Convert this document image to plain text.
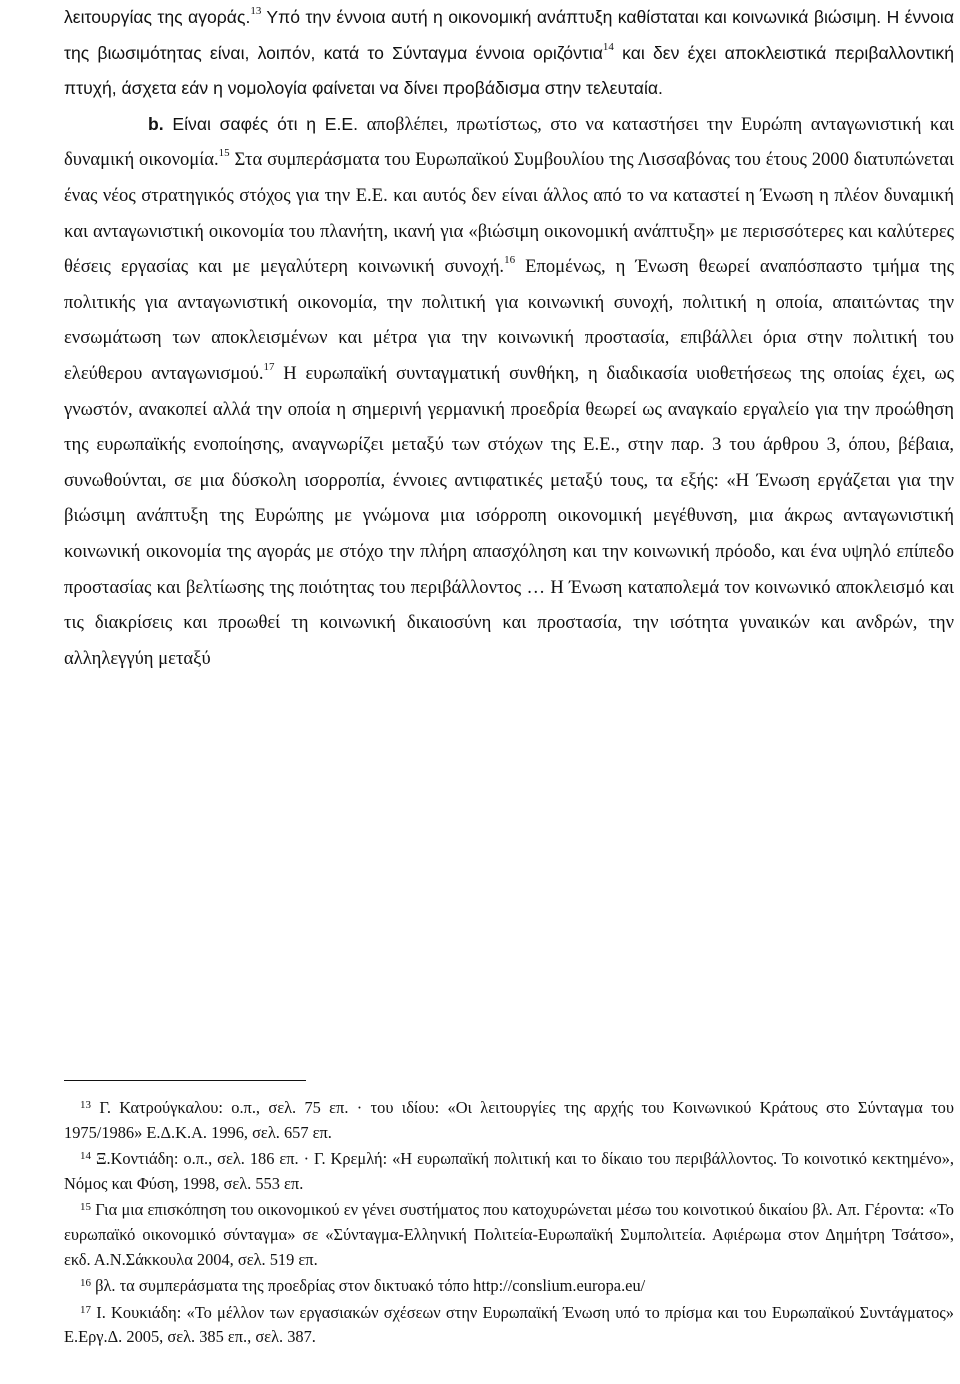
λειτουργίας της αγοράς.$^{13}$ Υπό την έννοια αυτή η οικονομική ανάπτυξη καθίσταται και κοινωνικά βιώσιμη. Η έννοια της βιωσιμότητας είναι, λοιπόν, κατά το Σύνταγμα έννοια οριζόντια$^{14}$ και δεν έχει αποκλειστικά περιβαλλοντική πτυχή, άσχετα εάν η νομολογία φαίνεται να δίνει προβάδισμα στην τελευταία.

b. Είναι σαφές ότι η Ε.Ε. αποβλέπει, πρωτίστως, στο να καταστήσει την Ευρώπη ανταγωνιστική και δυναμική οικονομία.$^{15}$ Στα συμπεράσματα του Ευρωπαϊκού Συμβουλίου της Λισσαβόνας του έτους 2000 διατυπώνεται ένας νέος στρατηγικός στόχος για την Ε.Ε. και αυτός δεν είναι άλλος από το να καταστεί η Ένωση η πλέον δυναμική και ανταγωνιστική οικονομία του πλανήτη, ικανή για «βιώσιμη οικονομική ανάπτυξη» με περισσότερες και καλύτερες θέσεις εργασίας και με μεγαλύτερη κοινωνική συνοχή.$^{16}$ Επομένως, η Ένωση θεωρεί αναπόσπαστο τμήμα της πολιτικής για ανταγωνιστική οικονομία, την πολιτική για κοινωνική συνοχή, πολιτική η οποία, απαιτώντας την ενσωμάτωση των αποκλεισμένων και μέτρα για την κοινωνική προστασία, επιβάλλει όρια στην πολιτική του ελεύθερου ανταγωνισμού.$^{17}$ Η ευρωπαϊκή συνταγματική συνθήκη, η διαδικασία υιοθετήσεως της οποίας έχει, ως γνωστόν, ανακοπεί αλλά την οποία η σημερινή γερμανική προεδρία θεωρεί ως αναγκαίο εργαλείο για την προώθηση της ευρωπαϊκής ενοποίησης, αναγνωρίζει μεταξύ των στόχων της Ε.Ε., στην παρ. 3 του άρθρου 3, όπου, βέβαια, συνωθούνται, σε μια δύσκολη ισορροπία, έννοιες αντιφατικές μεταξύ τους, τα εξής: «Η Ένωση εργάζεται για την βιώσιμη ανάπτυξη της Ευρώπης με γνώμονα μια ισόρροπη οικονομική μεγέθυνση, μια άκρως ανταγωνιστική κοινωνική οικονομία της αγοράς με στόχο την πλήρη απασχόληση και την κοινωνική πρόοδο, και ένα υψηλό επίπεδο προστασίας και βελτίωσης της ποιότητας του περιβάλλοντος … Η Ένωση καταπολεμά τον κοινωνικό αποκλεισμό και τις διακρίσεις και προωθεί τη κοινωνική δικαιοσύνη και προστασία, την ισότητα γυναικών και ανδρών, την αλληλεγγύη μεταξύ

$^{13}$ Γ. Κατρούγκαλου: ο.π., σελ. 75 επ. · του ιδίου: «Οι λειτουργίες της αρχής του Κοινωνικού Κράτους στο Σύνταγμα του 1975/1986» Ε.Δ.Κ.Α. 1996, σελ. 657 επ.

$^{14}$ Ξ.Κοντιάδη: ο.π., σελ. 186 επ. · Γ. Κρεμλή: «Η ευρωπαϊκή πολιτική και το δίκαιο του περιβάλλοντος. Το κοινοτικό κεκτημένο», Νόμος και Φύση, 1998, σελ. 553 επ.

$^{15}$ Για μια επισκόπηση του οικονομικού εν γένει συστήματος που κατοχυρώνεται μέσω του κοινοτικού δικαίου βλ. Απ. Γέροντα: «Το ευρωπαϊκό οικονομικό σύνταγμα» σε «Σύνταγμα-Ελληνική Πολιτεία-Ευρωπαϊκή Συμπολιτεία. Αφιέρωμα στον Δημήτρη Τσάτσο», εκδ. Α.Ν.Σάκκουλα 2004, σελ. 519 επ.

$^{16}$ βλ. τα συμπεράσματα της προεδρίας στον δικτυακό τόπο http://conslium.europa.eu/

$^{17}$ Ι. Κουκιάδη: «Το μέλλον των εργασιακών σχέσεων στην Ευρωπαϊκή Ένωση υπό το πρίσμα και του Ευρωπαϊκού Συντάγματος» Ε.Εργ.Δ. 2005, σελ. 385 επ., σελ. 387.
